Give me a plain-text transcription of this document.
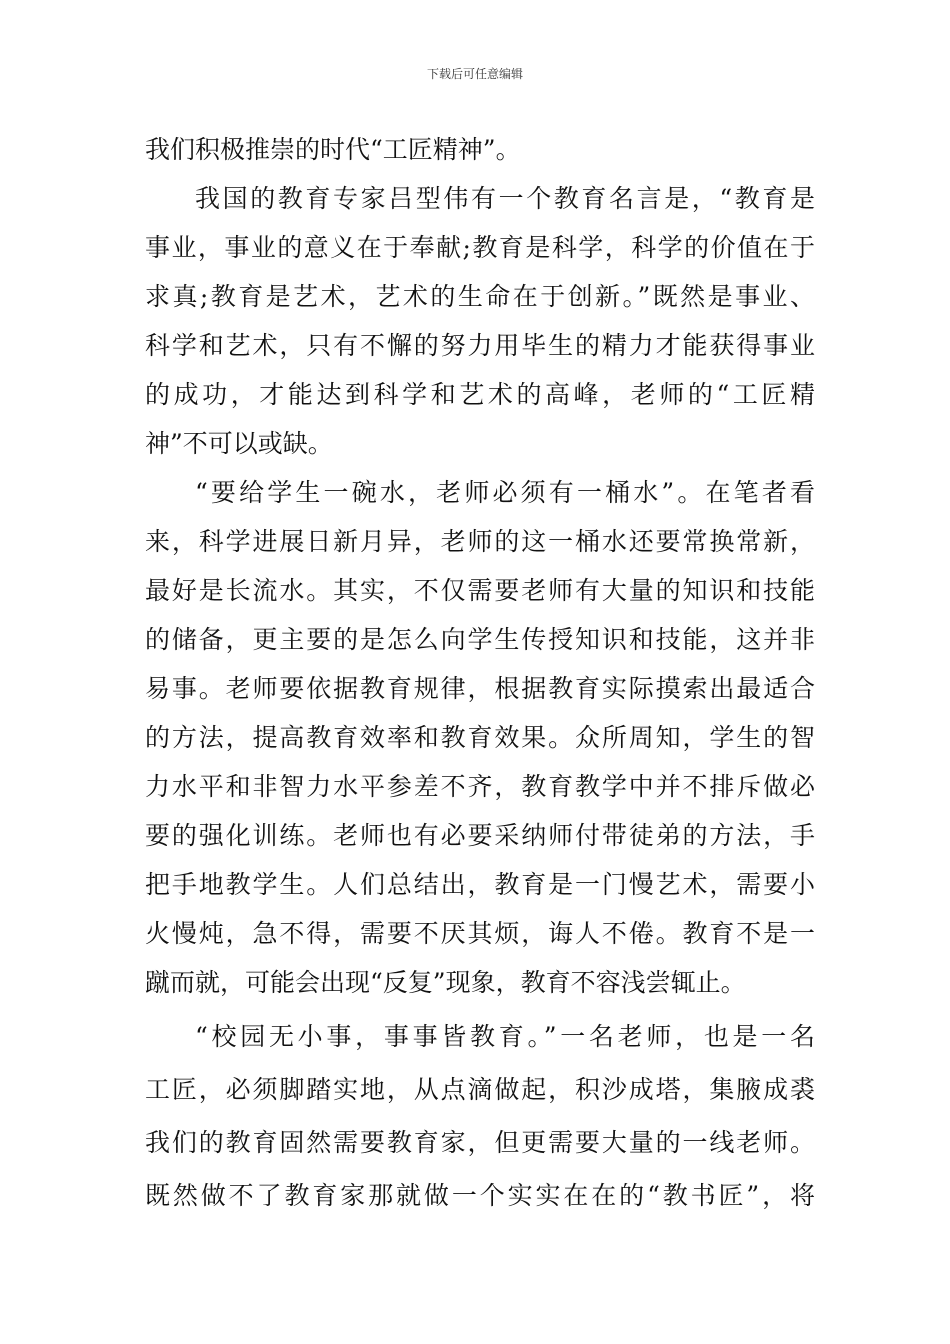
下载后可任意编辑
我们积极推崇的时代“工匠精神”。
我国的教育专家吕型伟有一个教育名言是，“教育是
事业，事业的意义在于奉献;教育是科学，科学的价值在于
求真;教育是艺术，艺术的生命在于创新。”既然是事业、
科学和艺术，只有不懈的努力用毕生的精力才能获得事业
的成功，才能达到科学和艺术的高峰，老师的“工匠精
神”不可以或缺。
“要给学生一碗水，老师必须有一桶水”。在笔者看
来，科学进展日新月异，老师的这一桶水还要常换常新，
最好是长流水。其实，不仅需要老师有大量的知识和技能
的储备，更主要的是怎么向学生传授知识和技能，这并非
易事。老师要依据教育规律，根据教育实际摸索出最适合
的方法，提高教育效率和教育效果。众所周知，学生的智
力水平和非智力水平参差不齐，教育教学中并不排斥做必
要的强化训练。老师也有必要采纳师付带徒弟的方法，手
把手地教学生。人们总结出，教育是一门慢艺术，需要小
火慢炖，急不得，需要不厌其烦，诲人不倦。教育不是一
蹴而就，可能会出现“反复”现象，教育不容浅尝辄止。
“校园无小事，事事皆教育。”一名老师，也是一名
工匠，必须脚踏实地，从点滴做起，积沙成塔，集腋成裘
我们的教育固然需要教育家，但更需要大量的一线老师。
既然做不了教育家那就做一个实实在在的“教书匠”，将
